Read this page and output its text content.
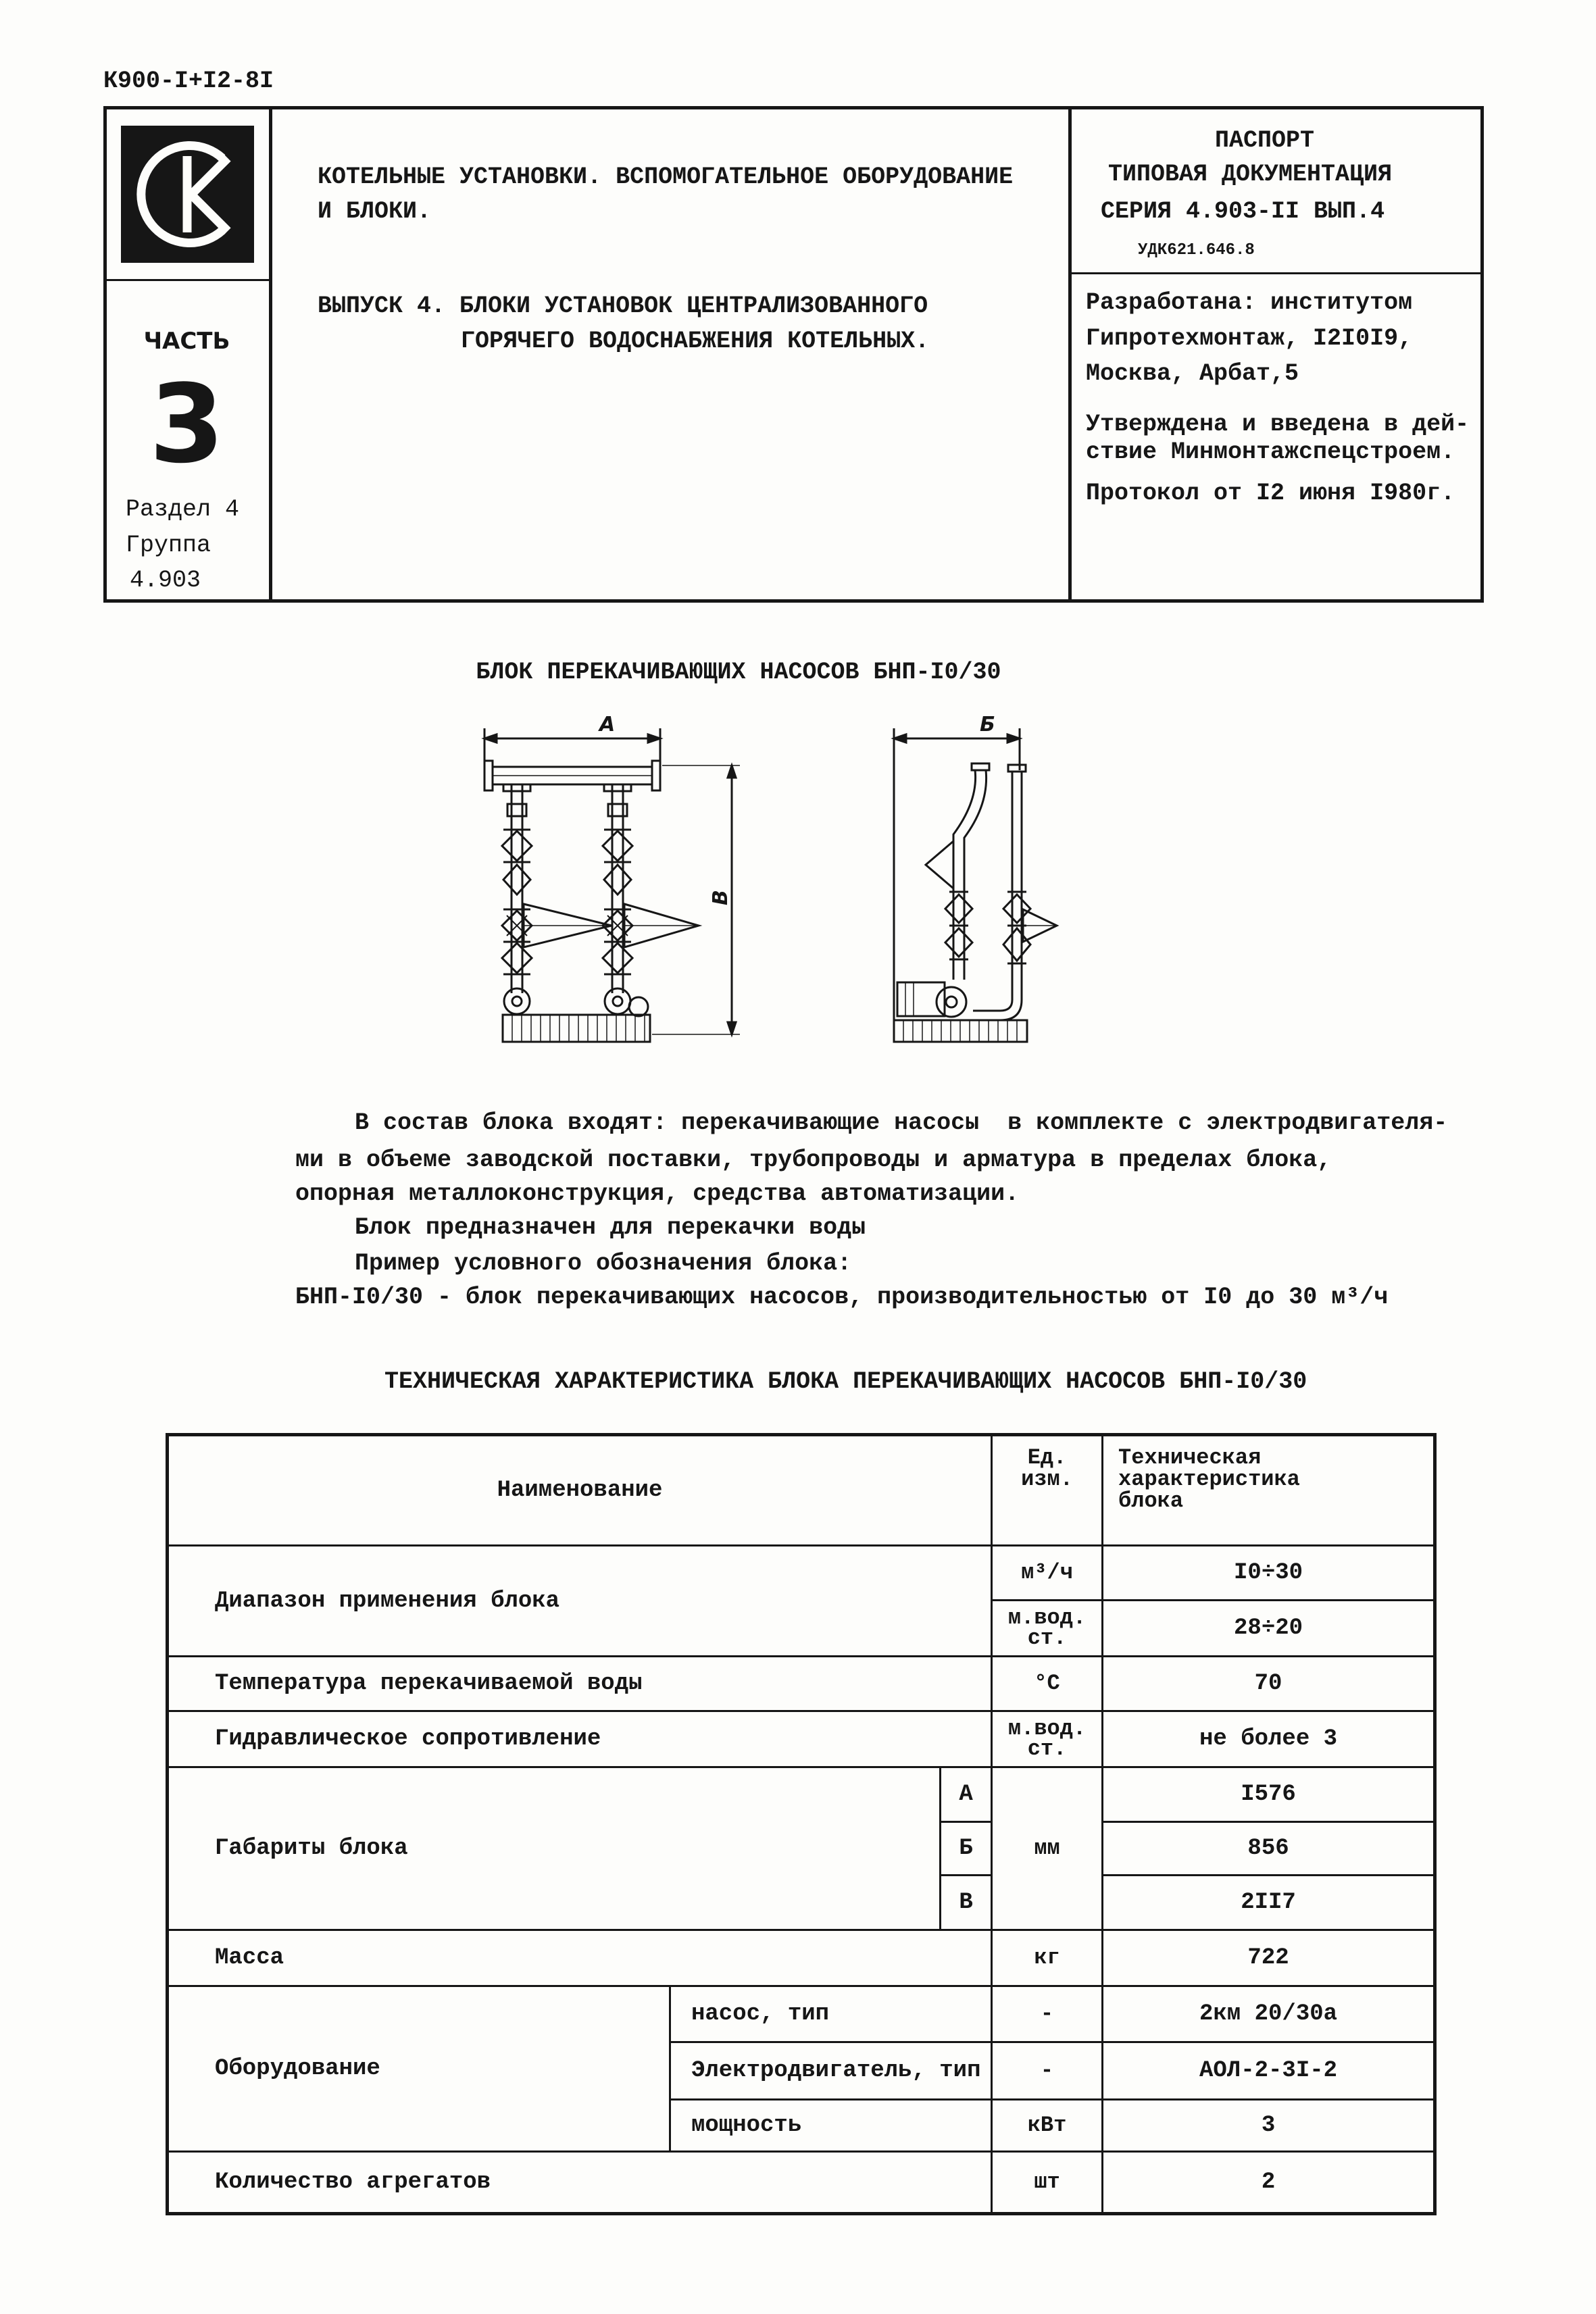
К900-I+I2-8I
ЧАСТЬ
3
Раздел 4
Группа
4.903
КОТЕЛЬНЫЕ УСТАНОВКИ. ВСПОМОГАТЕЛЬНОЕ ОБОРУДОВАНИЕ
И БЛОКИ.
ВЫПУСК 4. БЛОКИ УСТАНОВОК ЦЕНТРАЛИЗОВАННОГО
ГОРЯЧЕГО ВОДОСНАБЖЕНИЯ КОТЕЛЬНЫХ.
ПАСПОРТ
ТИПОВАЯ ДОКУМЕНТАЦИЯ
СЕРИЯ 4.903-II ВЫП.4
УДК621.646.8
Разработана: институтом
Гипротехмонтаж, I2I0I9,
Москва, Арбат,5
Утверждена и введена в дей-
ствие Минмонтажспецстроем.
Протокол от I2 июня I980г.
БЛОК ПЕРЕКАЧИВАЮЩИХ НАСОСОВ БНП-I0/30
А	Б
В
В состав блока входят: перекачивающие насосы  в комплекте с электродвигателя-
ми в объеме заводской поставки, трубопроводы и арматура в пределах блока,
опорная металлоконструкция, средства автоматизации.
Блок предназначен для перекачки воды
Пример условного обозначения блока:
БНП-I0/30 - блок перекачивающих насосов, производительностью от I0 до 30 м³/ч
ТЕХНИЧЕСКАЯ ХАРАКТЕРИСТИКА БЛОКА ПЕРЕКАЧИВАЮЩИХ НАСОСОВ БНП-I0/30
Наименование			Ед.
изм.	Техническая
характеристика
блока
Диапазон применения блока			м³/ч	I0÷30
			м.вод.
ст.	28÷20
Температура перекачиваемой воды			°С	70
Гидравлическое сопротивление			м.вод.
ст.	не более 3
Габариты блока		А	мм	I576
		Б		856
		В		2II7
Масса			кг	722
Оборудование	насос, тип		-	2км 20/30а
	Электродвигатель, тип		-	АОЛ-2-3I-2
	мощность		кВт	3
Количество агрегатов			шт	2
